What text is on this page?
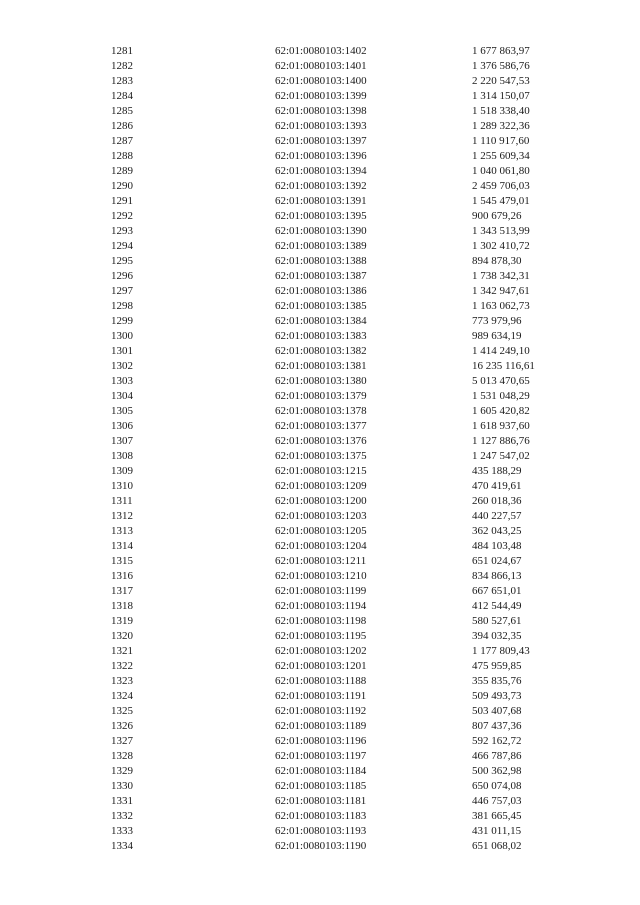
1281	62:01:0080103:1402	1 677 863,97
1282	62:01:0080103:1401	1 376 586,76
1283	62:01:0080103:1400	2 220 547,53
1284	62:01:0080103:1399	1 314 150,07
1285	62:01:0080103:1398	1 518 338,40
1286	62:01:0080103:1393	1 289 322,36
1287	62:01:0080103:1397	1 110 917,60
1288	62:01:0080103:1396	1 255 609,34
1289	62:01:0080103:1394	1 040 061,80
1290	62:01:0080103:1392	2 459 706,03
1291	62:01:0080103:1391	1 545 479,01
1292	62:01:0080103:1395	900 679,26
1293	62:01:0080103:1390	1 343 513,99
1294	62:01:0080103:1389	1 302 410,72
1295	62:01:0080103:1388	894 878,30
1296	62:01:0080103:1387	1 738 342,31
1297	62:01:0080103:1386	1 342 947,61
1298	62:01:0080103:1385	1 163 062,73
1299	62:01:0080103:1384	773 979,96
1300	62:01:0080103:1383	989 634,19
1301	62:01:0080103:1382	1 414 249,10
1302	62:01:0080103:1381	16 235 116,61
1303	62:01:0080103:1380	5 013 470,65
1304	62:01:0080103:1379	1 531 048,29
1305	62:01:0080103:1378	1 605 420,82
1306	62:01:0080103:1377	1 618 937,60
1307	62:01:0080103:1376	1 127 886,76
1308	62:01:0080103:1375	1 247 547,02
1309	62:01:0080103:1215	435 188,29
1310	62:01:0080103:1209	470 419,61
1311	62:01:0080103:1200	260 018,36
1312	62:01:0080103:1203	440 227,57
1313	62:01:0080103:1205	362 043,25
1314	62:01:0080103:1204	484 103,48
1315	62:01:0080103:1211	651 024,67
1316	62:01:0080103:1210	834 866,13
1317	62:01:0080103:1199	667 651,01
1318	62:01:0080103:1194	412 544,49
1319	62:01:0080103:1198	580 527,61
1320	62:01:0080103:1195	394 032,35
1321	62:01:0080103:1202	1 177 809,43
1322	62:01:0080103:1201	475 959,85
1323	62:01:0080103:1188	355 835,76
1324	62:01:0080103:1191	509 493,73
1325	62:01:0080103:1192	503 407,68
1326	62:01:0080103:1189	807 437,36
1327	62:01:0080103:1196	592 162,72
1328	62:01:0080103:1197	466 787,86
1329	62:01:0080103:1184	500 362,98
1330	62:01:0080103:1185	650 074,08
1331	62:01:0080103:1181	446 757,03
1332	62:01:0080103:1183	381 665,45
1333	62:01:0080103:1193	431 011,15
1334	62:01:0080103:1190	651 068,02
